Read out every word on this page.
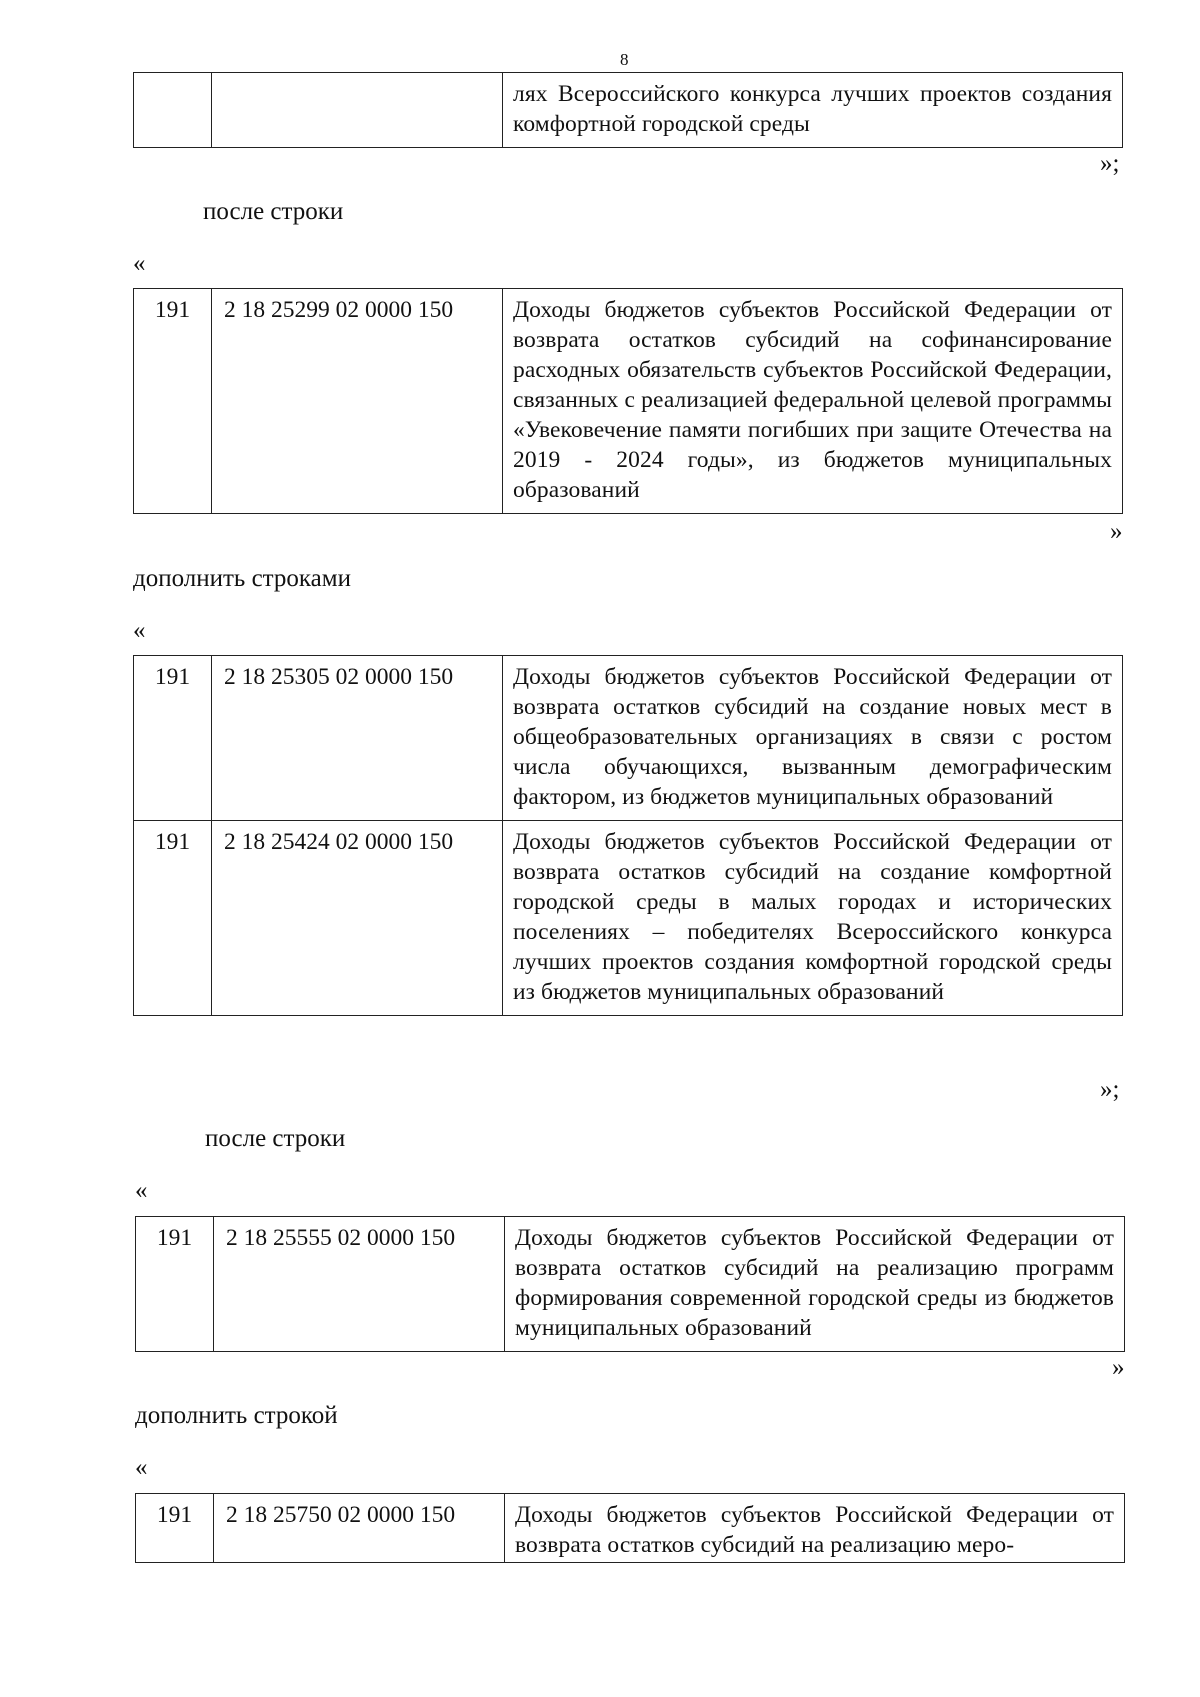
8
		лях Всероссийского конкурса лучших проектов создания комфортной городской среды
»;
после строки
«
191	2 18 25299 02 0000 150	Доходы бюджетов субъектов Российской Федерации от возврата остатков субсидий на софинансирование расходных обязательств субъектов Российской Федерации, связанных с реализацией федеральной целевой программы «Увековечение памяти погибших при защите Отечества на 2019 - 2024 годы», из бюджетов муниципальных образований
»
дополнить строками
«
191	2 18 25305 02 0000 150	Доходы бюджетов субъектов Российской Федерации от возврата остатков субсидий на создание новых мест в общеобразовательных организациях в связи с ростом числа обучающихся, вызванным демографическим фактором, из бюджетов муниципальных образований
191	2 18 25424 02 0000 150	Доходы бюджетов субъектов Российской Федерации от возврата остатков субсидий на создание комфортной городской среды в малых городах и исторических поселениях – победителях Всероссийского конкурса лучших проектов создания комфортной городской среды из бюджетов муниципальных образований
»;
после строки
«
191	2 18 25555 02 0000 150	Доходы бюджетов субъектов Российской Федерации от возврата остатков субсидий на реализацию программ формирования современной городской среды из бюджетов муниципальных образований
»
дополнить строкой
«
191	2 18 25750 02 0000 150	Доходы бюджетов субъектов Российской Федерации от возврата остатков субсидий на реализацию меро-
